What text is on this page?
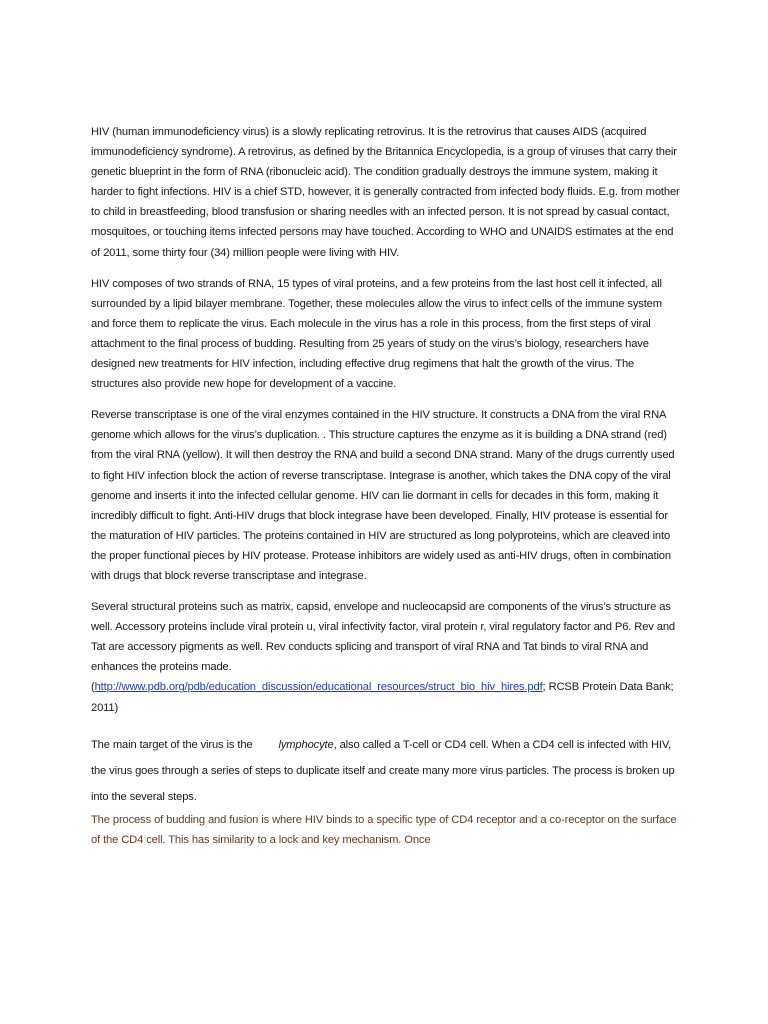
HIV (human immunodeficiency virus) is a slowly replicating retrovirus. It is the retrovirus that causes AIDS (acquired immunodeficiency syndrome). A retrovirus, as defined by the Britannica Encyclopedia, is a group of viruses that carry their genetic blueprint in the form of RNA (ribonucleic acid). The condition gradually destroys the immune system, making it harder to fight infections. HIV is a chief STD, however, it is generally contracted from infected body fluids. E.g. from mother to child in breastfeeding, blood transfusion or sharing needles with an infected person. It is not spread by casual contact, mosquitoes, or touching items infected persons may have touched. According to WHO and UNAIDS estimates at the end of 2011, some thirty four (34) million people were living with HIV.

HIV composes of two strands of RNA, 15 types of viral proteins, and a few proteins from the last host cell it infected, all surrounded by a lipid bilayer membrane. Together, these molecules allow the virus to infect cells of the immune system and force them to replicate the virus. Each molecule in the virus has a role in this process, from the first steps of viral attachment to the final process of budding. Resulting from 25 years of study on the virus’s biology, researchers have designed new treatments for HIV infection, including effective drug regimens that halt the growth of the virus. The structures also provide new hope for development of a vaccine.

Reverse transcriptase is one of the viral enzymes contained in the HIV structure. It constructs a DNA from the viral RNA genome which allows for the virus’s duplication. . This structure captures the enzyme as it is building a DNA strand (red) from the viral RNA (yellow). It will then destroy the RNA and build a second DNA strand. Many of the drugs currently used to fight HIV infection block the action of reverse transcriptase. Integrase is another, which takes the DNA copy of the viral genome and inserts it into the infected cellular genome. HIV can lie dormant in cells for decades in this form, making it incredibly difficult to fight. Anti-HIV drugs that block integrase have been developed. Finally, HIV protease is essential for the maturation of HIV particles. The proteins contained in HIV are structured as long polyproteins, which are cleaved into the proper functional pieces by HIV protease. Protease inhibitors are widely used as anti-HIV drugs, often in combination with drugs that block reverse transcriptase and integrase.

Several structural proteins such as matrix, capsid, envelope and nucleocapsid are components of the virus’s structure as well. Accessory proteins include viral protein u, viral infectivity factor, viral protein r, viral regulatory factor and P6. Rev and Tat are accessory pigments as well. Rev conducts splicing and transport of viral RNA and Tat binds to viral RNA and enhances the proteins made.
(http://www.pdb.org/pdb/education_discussion/educational_resources/struct_bio_hiv_hires.pdf; RCSB Protein Data Bank; 2011)

The main target of the virus is the lymphocyte, also called a T-cell or CD4 cell. When a CD4 cell is infected with HIV, the virus goes through a series of steps to duplicate itself and create many more virus particles. The process is broken up into the several steps.

The process of budding and fusion is where HIV binds to a specific type of CD4 receptor and a co-receptor on the surface of the CD4 cell. This has similarity to a lock and key mechanism. Once
